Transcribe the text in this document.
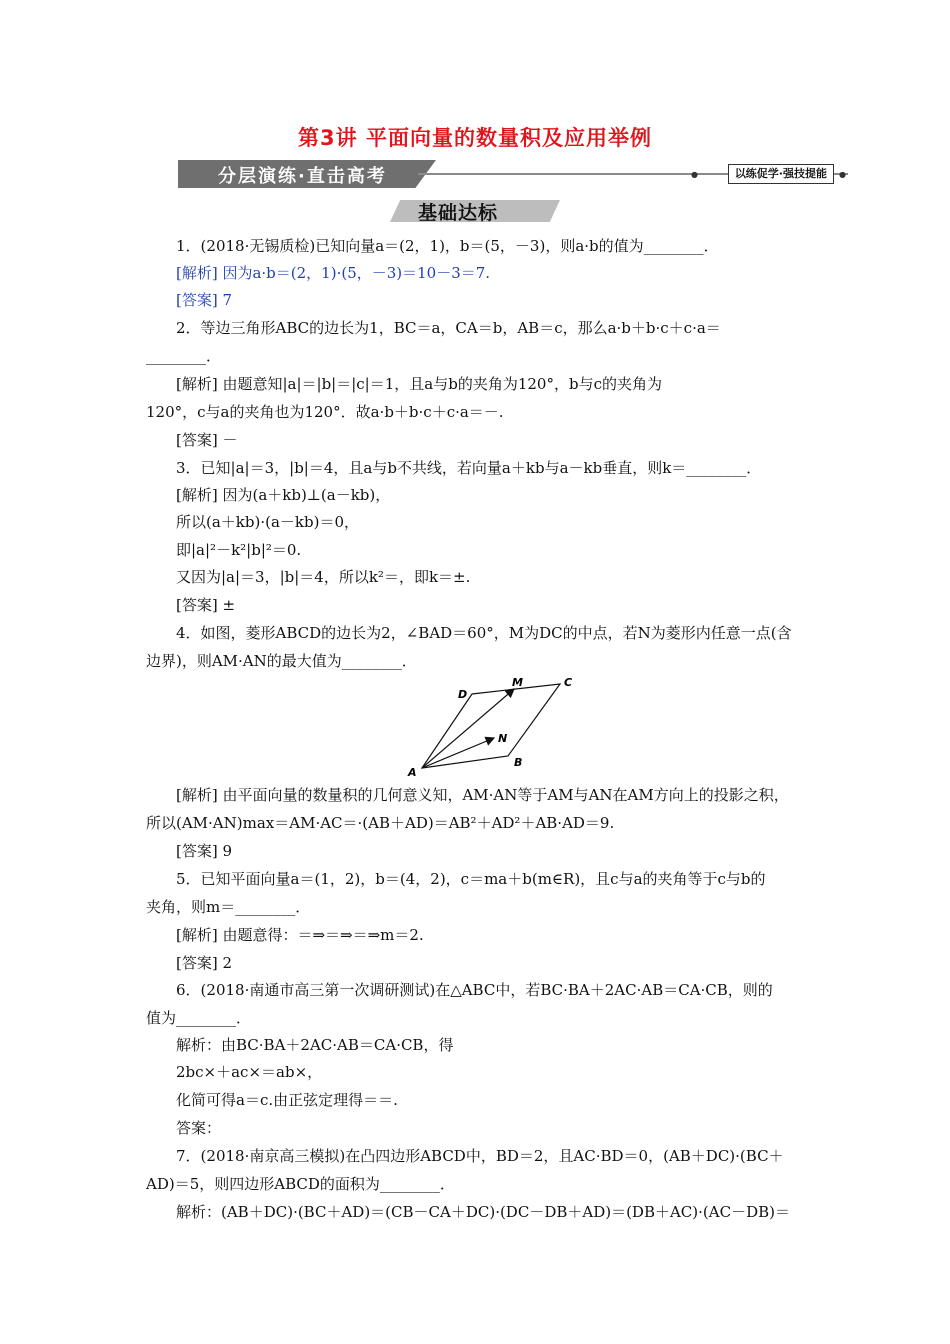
第3讲 平面向量的数量积及应用举例
分层演练·直击高考	●	以练促学·强技提能	●
基础达标
1．(2018·无锡质检)已知向量a＝(2，1)，b＝(5，－3)，则a·b的值为________．
[解析] 因为a·b＝(2，1)·(5，－3)＝10－3＝7.
[答案] 7
2．等边三角形ABC的边长为1，BC＝a，CA＝b，AB＝c，那么a·b＋b·c＋c·a＝
________．
[解析] 由题意知|a|＝|b|＝|c|＝1，且a与b的夹角为120°，b与c的夹角为
120°，c与a的夹角也为120°．故a·b＋b·c＋c·a＝－.
[答案] －
3．已知|a|＝3，|b|＝4，且a与b不共线，若向量a＋kb与a－kb垂直，则k＝________．
[解析] 因为(a＋kb)⊥(a－kb)，
所以(a＋kb)·(a－kb)＝0，
即|a|²－k²|b|²＝0.
又因为|a|＝3，|b|＝4，所以k²＝，即k＝±.
[答案] ±
4．如图，菱形ABCD的边长为2，∠BAD＝60°，M为DC的中点，若N为菱形内任意一点(含
边界)，则AM·AN的最大值为________．
A
B
C
D
M
N
[解析] 由平面向量的数量积的几何意义知，AM·AN等于AM与AN在AM方向上的投影之积，
所以(AM·AN)max＝AM·AC＝·(AB＋AD)＝AB²＋AD²＋AB·AD＝9.
[答案] 9
5．已知平面向量a＝(1，2)，b＝(4，2)，c＝ma＋b(m∈R)，且c与a的夹角等于c与b的
夹角，则m＝________．
[解析] 由题意得：＝⇒＝⇒＝⇒m＝2.
[答案] 2
6．(2018·南通市高三第一次调研测试)在△ABC中，若BC·BA＋2AC·AB＝CA·CB，则的
值为________．
解析：由BC·BA＋2AC·AB＝CA·CB，得
2bc×＋ac×＝ab×，
化简可得a＝c.由正弦定理得＝＝.
答案：
7．(2018·南京高三模拟)在凸四边形ABCD中，BD＝2，且AC·BD＝0，(AB＋DC)·(BC＋
AD)＝5，则四边形ABCD的面积为________．
解析：(AB＋DC)·(BC＋AD)＝(CB－CA＋DC)·(DC－DB＋AD)＝(DB＋AC)·(AC－DB)＝
